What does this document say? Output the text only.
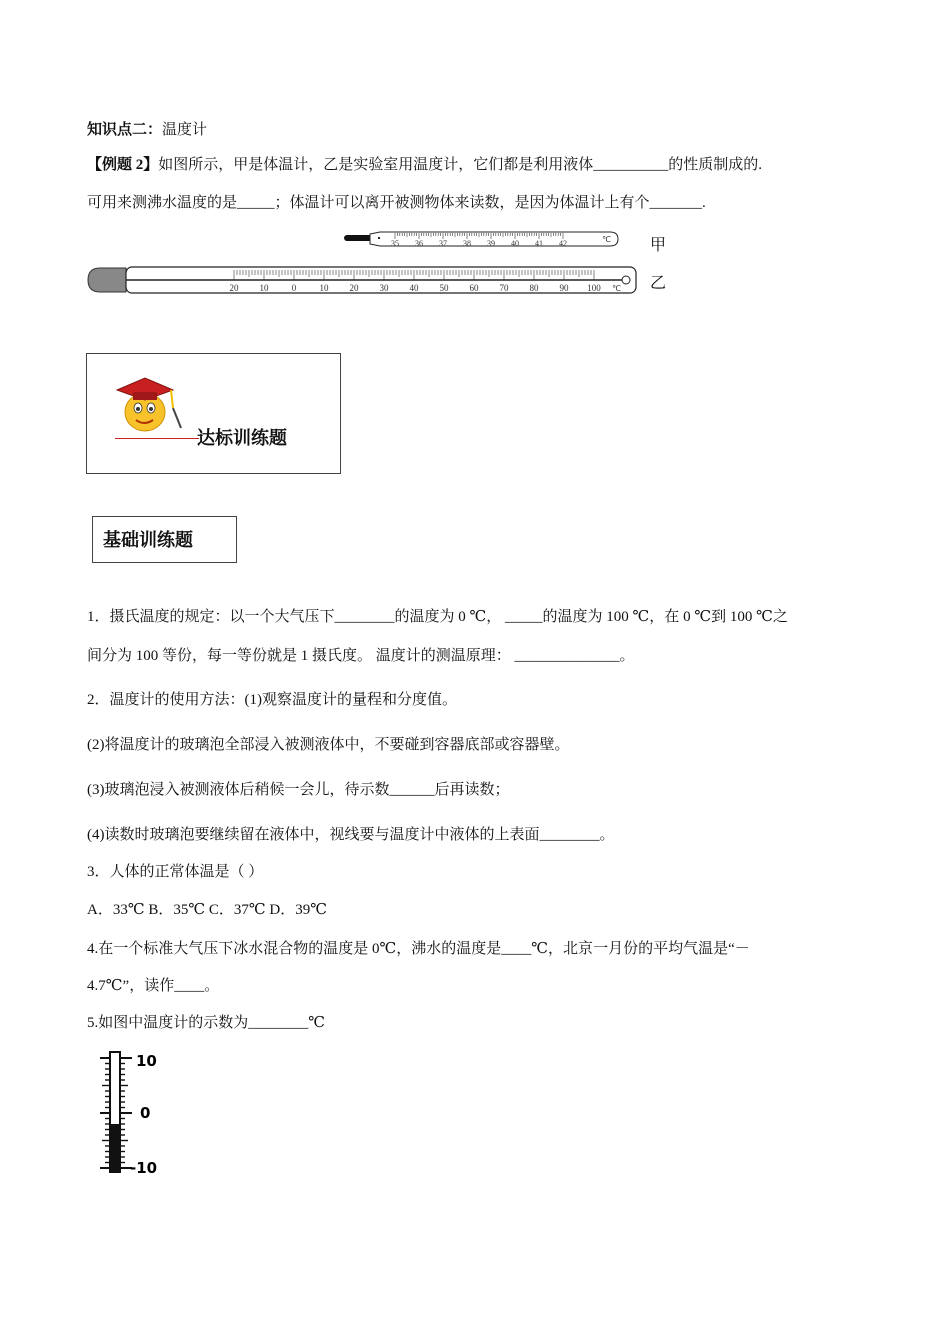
知识点二：温度计
【例题 2】如图所示，甲是体温计，乙是实验室用温度计，它们都是利用液体__________的性质制成的.
可用来测沸水温度的是_____；体温计可以离开被测物体来读数，是因为体温计上有个_______.
35 36 37 38 39 40 41 42	℃ 甲
20 10	0	10 20 30 40 50 60 70 80 90 100 ℃ 乙
达标训练题
基础训练题
1．摄氏温度的规定：以一个大气压下________的温度为 0 ℃， _____的温度为 100 ℃，在 0 ℃到 100 ℃之
间分为 100 等份，每一等份就是 1 摄氏度。 温度计的测温原理： ______________。
2．温度计的使用方法：(1)观察温度计的量程和分度值。
(2)将温度计的玻璃泡全部浸入被测液体中，不要碰到容器底部或容器壁。
(3)玻璃泡浸入被测液体后稍候一会儿，待示数______后再读数；
(4)读数时玻璃泡要继续留在液体中，视线要与温度计中液体的上表面________。
3．人体的正常体温是（ ）
A．33℃ B．35℃ C．37℃ D．39℃
4.在一个标准大气压下冰水混合物的温度是 0℃，沸水的温度是____℃，北京一月份的平均气温是“－
4.7℃”，读作____。
5.如图中温度计的示数为________℃
10
0
-10
